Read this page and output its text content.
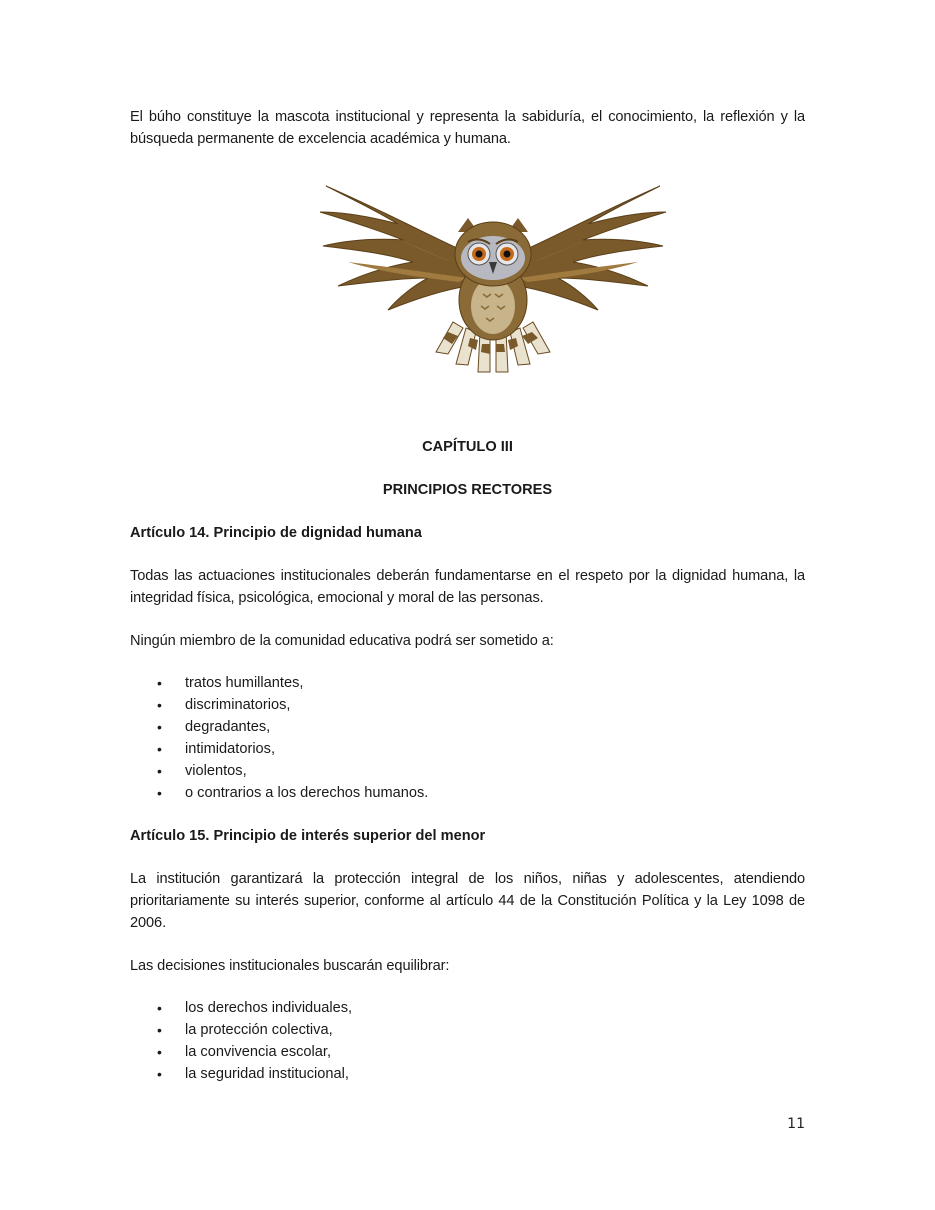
El búho constituye la mascota institucional y representa la sabiduría, el conocimiento, la reflexión y la búsqueda permanente de excelencia académica y humana.

CAPÍTULO III
PRINCIPIOS RECTORES
Artículo 14. Principio de dignidad humana

Todas las actuaciones institucionales deberán fundamentarse en el respeto por la dignidad humana, la integridad física, psicológica, emocional y moral de las personas.

Ningún miembro de la comunidad educativa podrá ser sometido a:

• tratos humillantes,
• discriminatorios,
• degradantes,
• intimidatorios,
• violentos,
• o contrarios a los derechos humanos.
Artículo 15. Principio de interés superior del menor

La institución garantizará la protección integral de los niños, niñas y adolescentes, atendiendo prioritariamente su interés superior, conforme al artículo 44 de la Constitución Política y la Ley 1098 de 2006.

Las decisiones institucionales buscarán equilibrar:

• los derechos individuales,
• la protección colectiva,
• la convivencia escolar,
• la seguridad institucional,
11
